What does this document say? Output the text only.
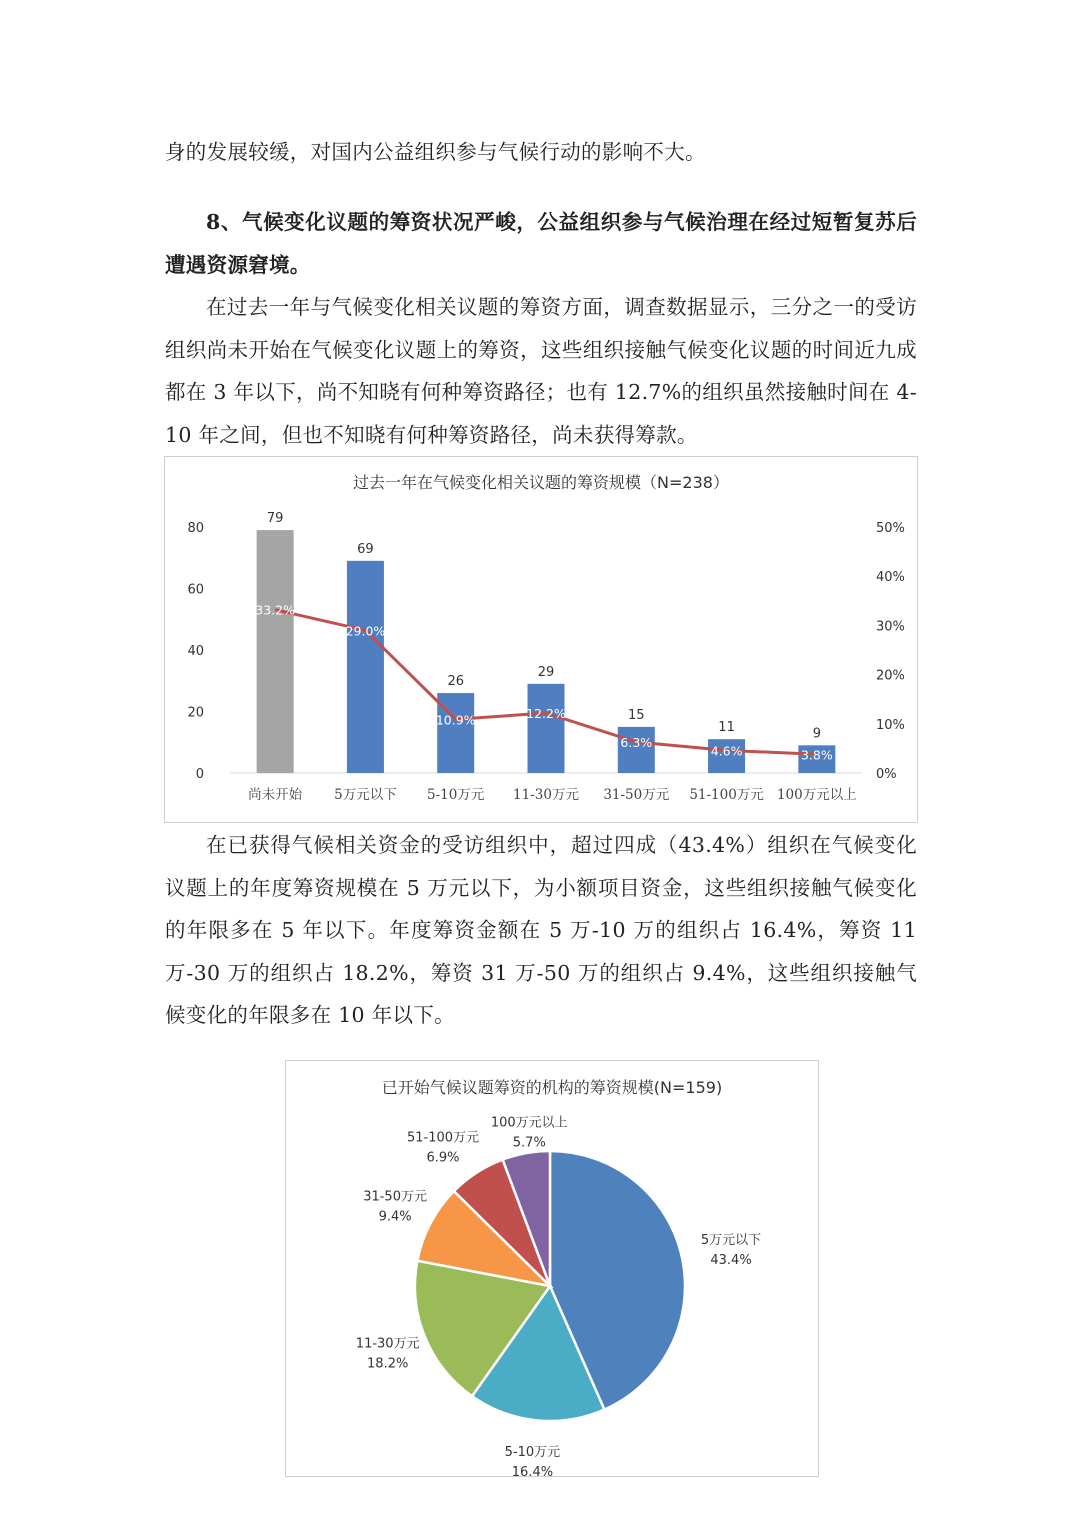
身的发展较缓，对国内公益组织参与气候行动的影响不大。

8、气候变化议题的筹资状况严峻，公益组织参与气候治理在经过短暂复苏后遭遇资源窘境。

在过去一年与气候变化相关议题的筹资方面，调查数据显示，三分之一的受访组织尚未开始在气候变化议题上的筹资，这些组织接触气候变化议题的时间近九成都在 3 年以下，尚不知晓有何种筹资路径；也有 12.7%的组织虽然接触时间在 4-10 年之间，但也不知晓有何种筹资路径，尚未获得筹款。

过去一年在气候变化相关议题的筹资规模（N=238）
0
20
40
60
80
0%
10%
20%
30%
40%
50%
79
69
26
29
15
11	9
33.2%
29.0%
10.9%	12.2%
6.3%
4.6%	3.8%
尚未开始 5万元以下 5-10万元 11-30万元 31-50万元 51-100万元 100万元以上

在已获得气候相关资金的受访组织中，超过四成（43.4%）组织在气候变化议题上的年度筹资规模在 5 万元以下，为小额项目资金，这些组织接触气候变化的年限多在 5 年以下。年度筹资金额在 5 万-10 万的组织占 16.4%，筹资 11 万-30 万的组织占 18.2%，筹资 31 万-50 万的组织占 9.4%，这些组织接触气候变化的年限多在 10 年以下。

已开始气候议题筹资的机构的筹资规模(N=159)
5万元以下
43.4%
5-10万元
16.4%
11-30万元
18.2%
31-50万元
9.4%
51-100万元
6.9%
100万元以上
5.7%
